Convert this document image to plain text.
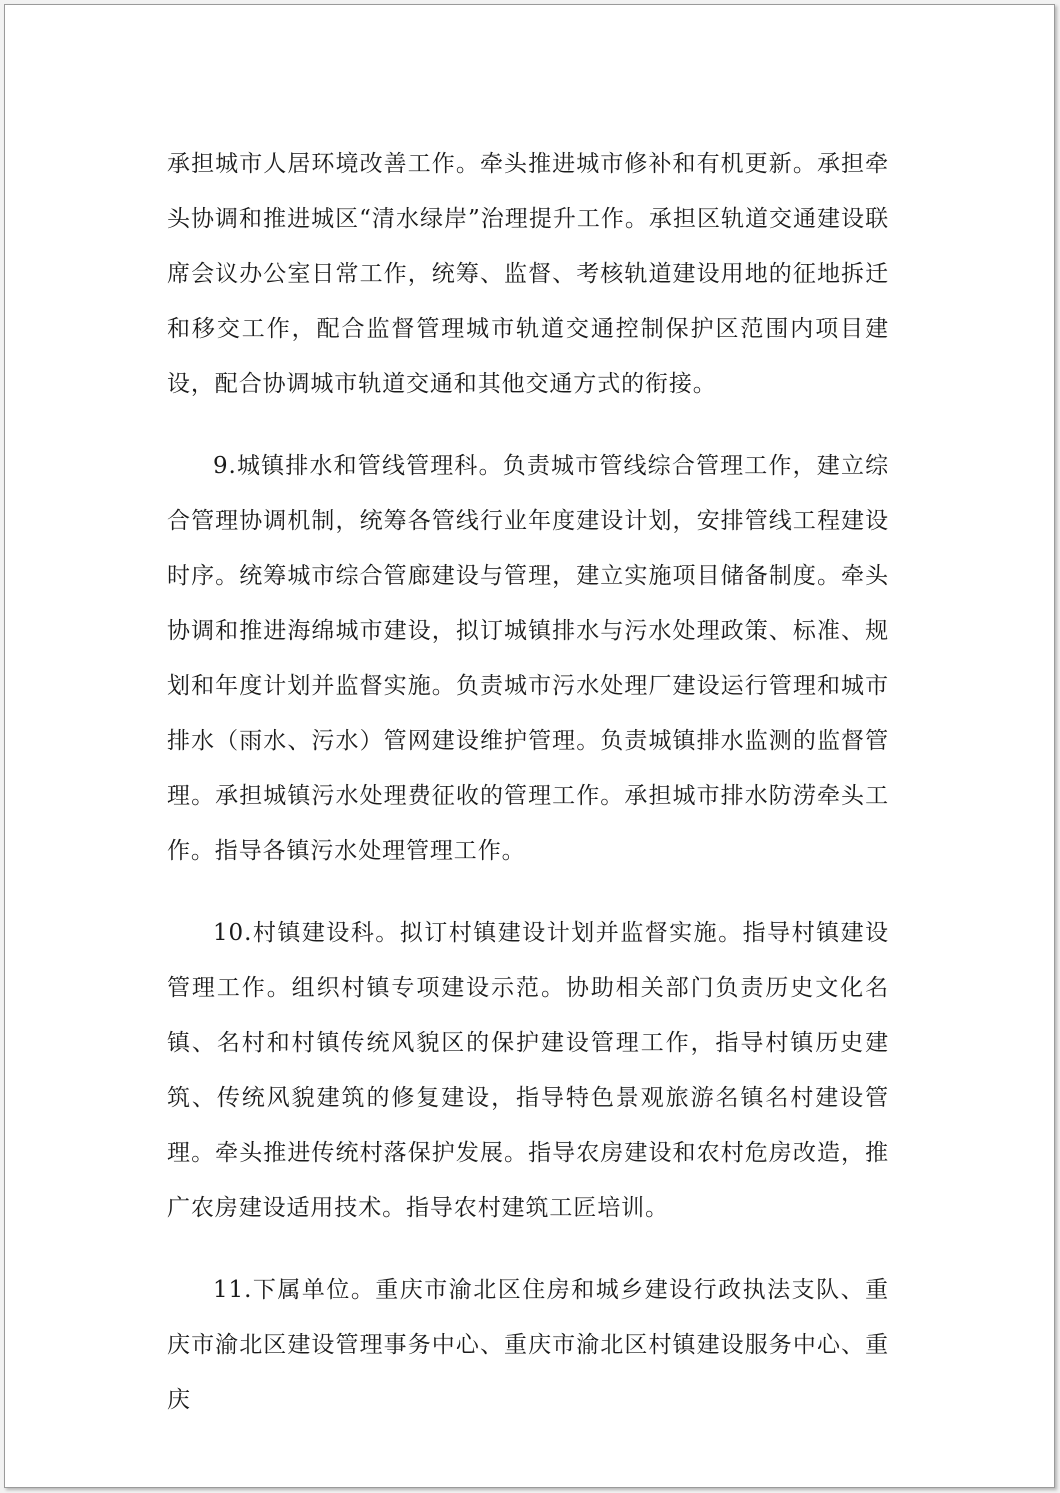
承担城市人居环境改善工作。牵头推进城市修补和有机更新。承担牵头协调和推进城区“清水绿岸”治理提升工作。承担区轨道交通建设联席会议办公室日常工作，统筹、监督、考核轨道建设用地的征地拆迁和移交工作，配合监督管理城市轨道交通控制保护区范围内项目建设，配合协调城市轨道交通和其他交通方式的衔接。

9.城镇排水和管线管理科。负责城市管线综合管理工作，建立综合管理协调机制，统筹各管线行业年度建设计划，安排管线工程建设时序。统筹城市综合管廊建设与管理，建立实施项目储备制度。牵头协调和推进海绵城市建设，拟订城镇排水与污水处理政策、标准、规划和年度计划并监督实施。负责城市污水处理厂建设运行管理和城市排水（雨水、污水）管网建设维护管理。负责城镇排水监测的监督管理。承担城镇污水处理费征收的管理工作。承担城市排水防涝牵头工作。指导各镇污水处理管理工作。

10.村镇建设科。拟订村镇建设计划并监督实施。指导村镇建设管理工作。组织村镇专项建设示范。协助相关部门负责历史文化名镇、名村和村镇传统风貌区的保护建设管理工作，指导村镇历史建筑、传统风貌建筑的修复建设，指导特色景观旅游名镇名村建设管理。牵头推进传统村落保护发展。指导农房建设和农村危房改造，推广农房建设适用技术。指导农村建筑工匠培训。

11.下属单位。重庆市渝北区住房和城乡建设行政执法支队、重庆市渝北区建设管理事务中心、重庆市渝北区村镇建设服务中心、重庆
